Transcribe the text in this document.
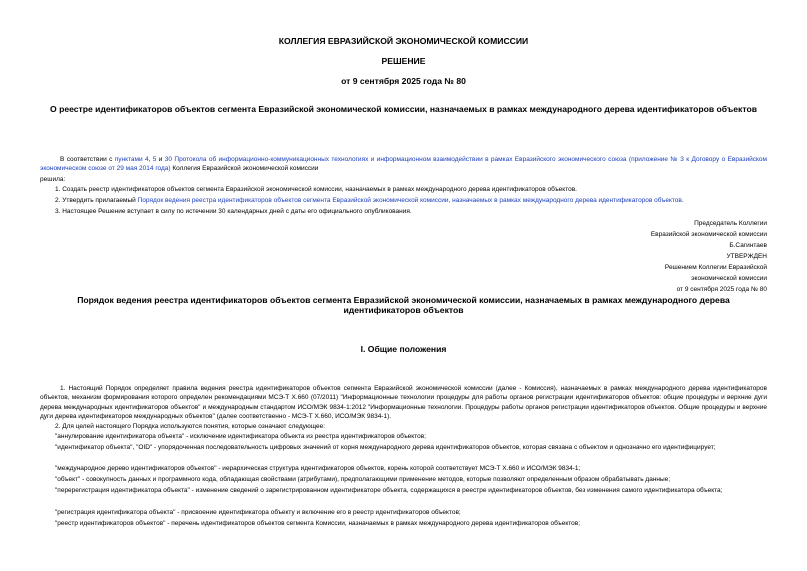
КОЛЛЕГИЯ ЕВРАЗИЙСКОЙ ЭКОНОМИЧЕСКОЙ КОМИССИИ
РЕШЕНИЕ
от 9 сентября 2025 года № 80
О реестре идентификаторов объектов сегмента Евразийской экономической комиссии, назначаемых в рамках международного дерева идентификаторов объектов
В соответствии с пунктами 4, 5 и 30 Протокола об информационно-коммуникационных технологиях и информационном взаимодействии в рамках Евразийского экономического союза (приложение № 3 к Договору о Евразийском экономическом союзе от 29 мая 2014 года) Коллегия Евразийской экономической комиссии
решила:
1. Создать реестр идентификаторов объектов сегмента Евразийской экономической комиссии, назначаемых в рамках международного дерева идентификаторов объектов.
2. Утвердить прилагаемый Порядок ведения реестра идентификаторов объектов сегмента Евразийской экономической комиссии, назначаемых в рамках международного дерева идентификаторов объектов.
3. Настоящее Решение вступает в силу по истечении 30 календарных дней с даты его официального опубликования.
Председатель Коллегии
Евразийской экономической комиссии
Б.Сагинтаев
УТВЕРЖДЕН
Решением Коллегии Евразийской
экономической комиссии
от 9 сентября 2025 года № 80
Порядок ведения реестра идентификаторов объектов сегмента Евразийской экономической комиссии, назначаемых в рамках международного дерева идентификаторов объектов
I. Общие положения
1. Настоящий Порядок определяет правила ведения реестра идентификаторов объектов сегмента Евразийской экономической комиссии (далее - Комиссия), назначаемых в рамках международного дерева идентификаторов объектов, механизм формирования которого определен рекомендациями МСЭ-Т Х.660 (07/2011) "Информационные технологии процедуры для работы органов регистрации идентификаторов объектов: общие процедуры и верхние дуги дерева международных идентификаторов объектов" и международным стандартом ИСО/МЭК 9834-1:2012 "Информационные технологии. Процедуры работы органов регистрации идентификаторов объектов. Общие процедуры и верхние дуги дерева идентификаторов международных объектов" (далее соответственно - МСЭ-Т Х.660, ИСО/МЭК 9834-1).
2. Для целей настоящего Порядка используются понятия, которые означают следующее:
"аннулирование идентификатора объекта" - исключение идентификатора объекта из реестра идентификаторов объектов;
"идентификатор объекта", "OID" - упорядоченная последовательность цифровых значений от корня международного дерева идентификаторов объектов, которая связана с объектом и однозначно его идентифицирует;
"международное дерево идентификаторов объектов" - иерархическая структура идентификаторов объектов, корень которой соответствует МСЭ-Т Х.660 и ИСО/МЭК 9834-1;
"объект" - совокупность данных и программного кода, обладающая свойствами (атрибутами), предполагающими применение методов, которые позволяют определенным образом обрабатывать данные;
"перерегистрация идентификатора объекта" - изменение сведений о зарегистрированном идентификаторе объекта, содержащихся в реестре идентификаторов объектов, без изменения самого идентификатора объекта;
"регистрация идентификатора объекта" - присвоение идентификатора объекту и включение его в реестр идентификаторов объектов;
"реестр идентификаторов объектов" - перечень идентификаторов объектов сегмента Комиссии, назначаемых в рамках международного дерева идентификаторов объектов;
